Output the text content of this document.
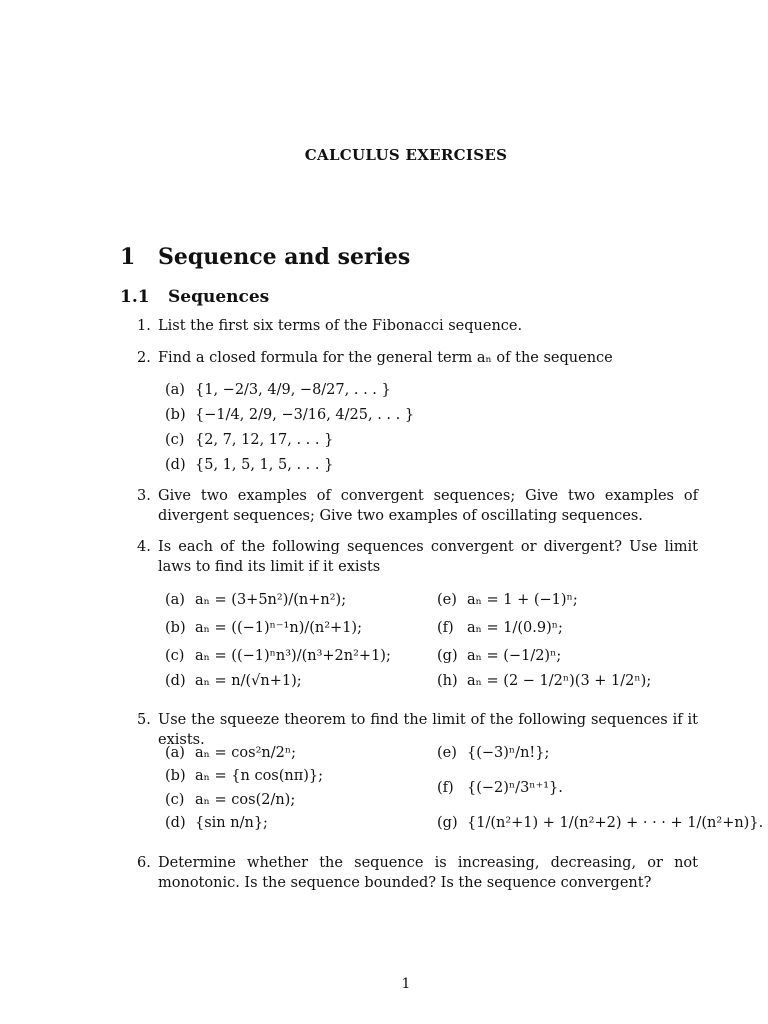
CALCULUS EXERCISES
1 Sequence and series
1.1 Sequences
1. List the first six terms of the Fibonacci sequence.
2. Find a closed formula for the general term aₙ of the sequence
(a) {1, −2/3, 4/9, −8/27, . . . }
(b) {−1/4, 2/9, −3/16, 4/25, . . . }
(c) {2, 7, 12, 17, . . . }
(d) {5, 1, 5, 1, 5, . . . }
3. Give two examples of convergent sequences; Give two examples of divergent sequences; Give two examples of oscillating sequences.
4. Is each of the following sequences convergent or divergent? Use limit laws to find its limit if it exists
(a) aₙ = (3+5n²)/(n+n²);
(b) aₙ = ((−1)ⁿ⁻¹n)/(n²+1);
(c) aₙ = ((−1)ⁿn³)/(n³+2n²+1);
(d) aₙ = n/(√n+1);
(e) aₙ = 1 + (−1)ⁿ;
(f) aₙ = 1/(0.9)ⁿ;
(g) aₙ = (−1/2)ⁿ;
(h) aₙ = (2 − 1/2ⁿ)(3 + 1/2ⁿ);
5. Use the squeeze theorem to find the limit of the following sequences if it exists.
(a) aₙ = cos²n/2ⁿ;
(b) aₙ = {n cos(nπ)};
(c) aₙ = cos(2/n);
(d) {sin n/n};
(e) {(−3)ⁿ/n!};
(f) {(−2)ⁿ/3ⁿ⁺¹}.
(g) {1/(n²+1) + 1/(n²+2) + · · · + 1/(n²+n)}.
6. Determine whether the sequence is increasing, decreasing, or not monotonic. Is the sequence bounded? Is the sequence convergent?
1
